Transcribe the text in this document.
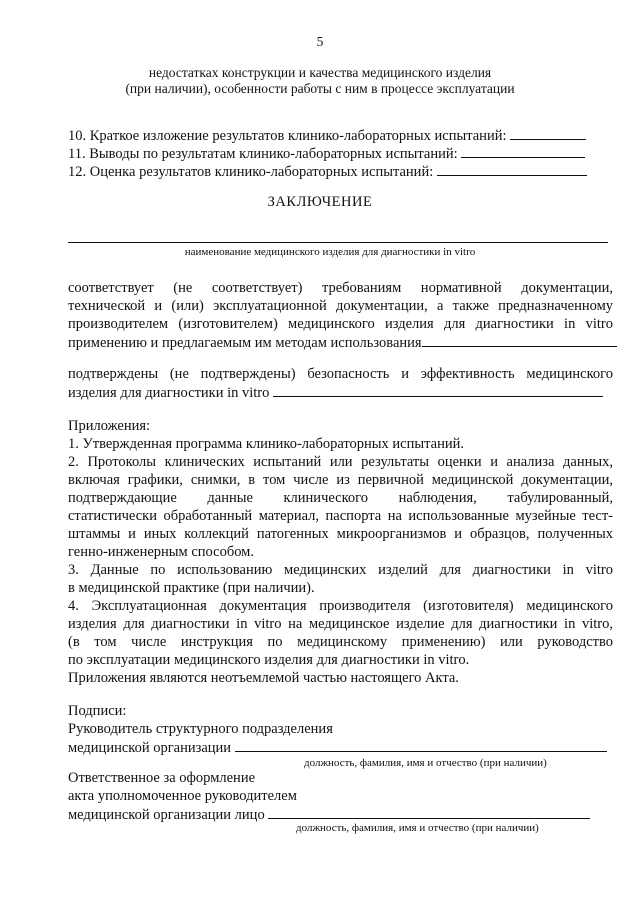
5
недостатках конструкции и качества медицинского изделия
(при наличии), особенности работы с ним в процессе эксплуатации
10. Краткое изложение результатов клинико-лабораторных испытаний:
11. Выводы по результатам клинико-лабораторных испытаний:
12. Оценка результатов клинико-лабораторных испытаний:
ЗАКЛЮЧЕНИЕ
наименование медицинского изделия для диагностики in vitro
соответствует (не соответствует) требованиям нормативной документации,
технической и (или) эксплуатационной документации, а также предназначенному
производителем (изготовителем) медицинского изделия для диагностики in vitro
применению и предлагаемым им методам использования
подтверждены (не подтверждены) безопасность и эффективность медицинского
изделия для диагностики in vitro
Приложения:
1. Утвержденная программа клинико-лабораторных испытаний.
2. Протоколы клинических испытаний или результаты оценки и анализа данных,
включая графики, снимки, в том числе из первичной медицинской документации,
подтверждающие данные клинического наблюдения, табулированный,
статистически обработанный материал, паспорта на использованные музейные тест-
штаммы и иных коллекций патогенных микроорганизмов и образцов, полученных
генно-инженерным способом.
3. Данные по использованию медицинских изделий для диагностики in vitro
в медицинской практике (при наличии).
4. Эксплуатационная документация производителя (изготовителя) медицинского
изделия для диагностики in vitro на медицинское изделие для диагностики in vitro,
(в том числе инструкция по медицинскому применению) или руководство
по эксплуатации медицинского изделия для диагностики in vitro.
Приложения являются неотъемлемой частью настоящего Акта.
Подписи:
Руководитель структурного подразделения
медицинской организации
должность, фамилия, имя и отчество (при наличии)
Ответственное за оформление
акта уполномоченное руководителем
медицинской организации лицо
должность, фамилия, имя и отчество (при наличии)
